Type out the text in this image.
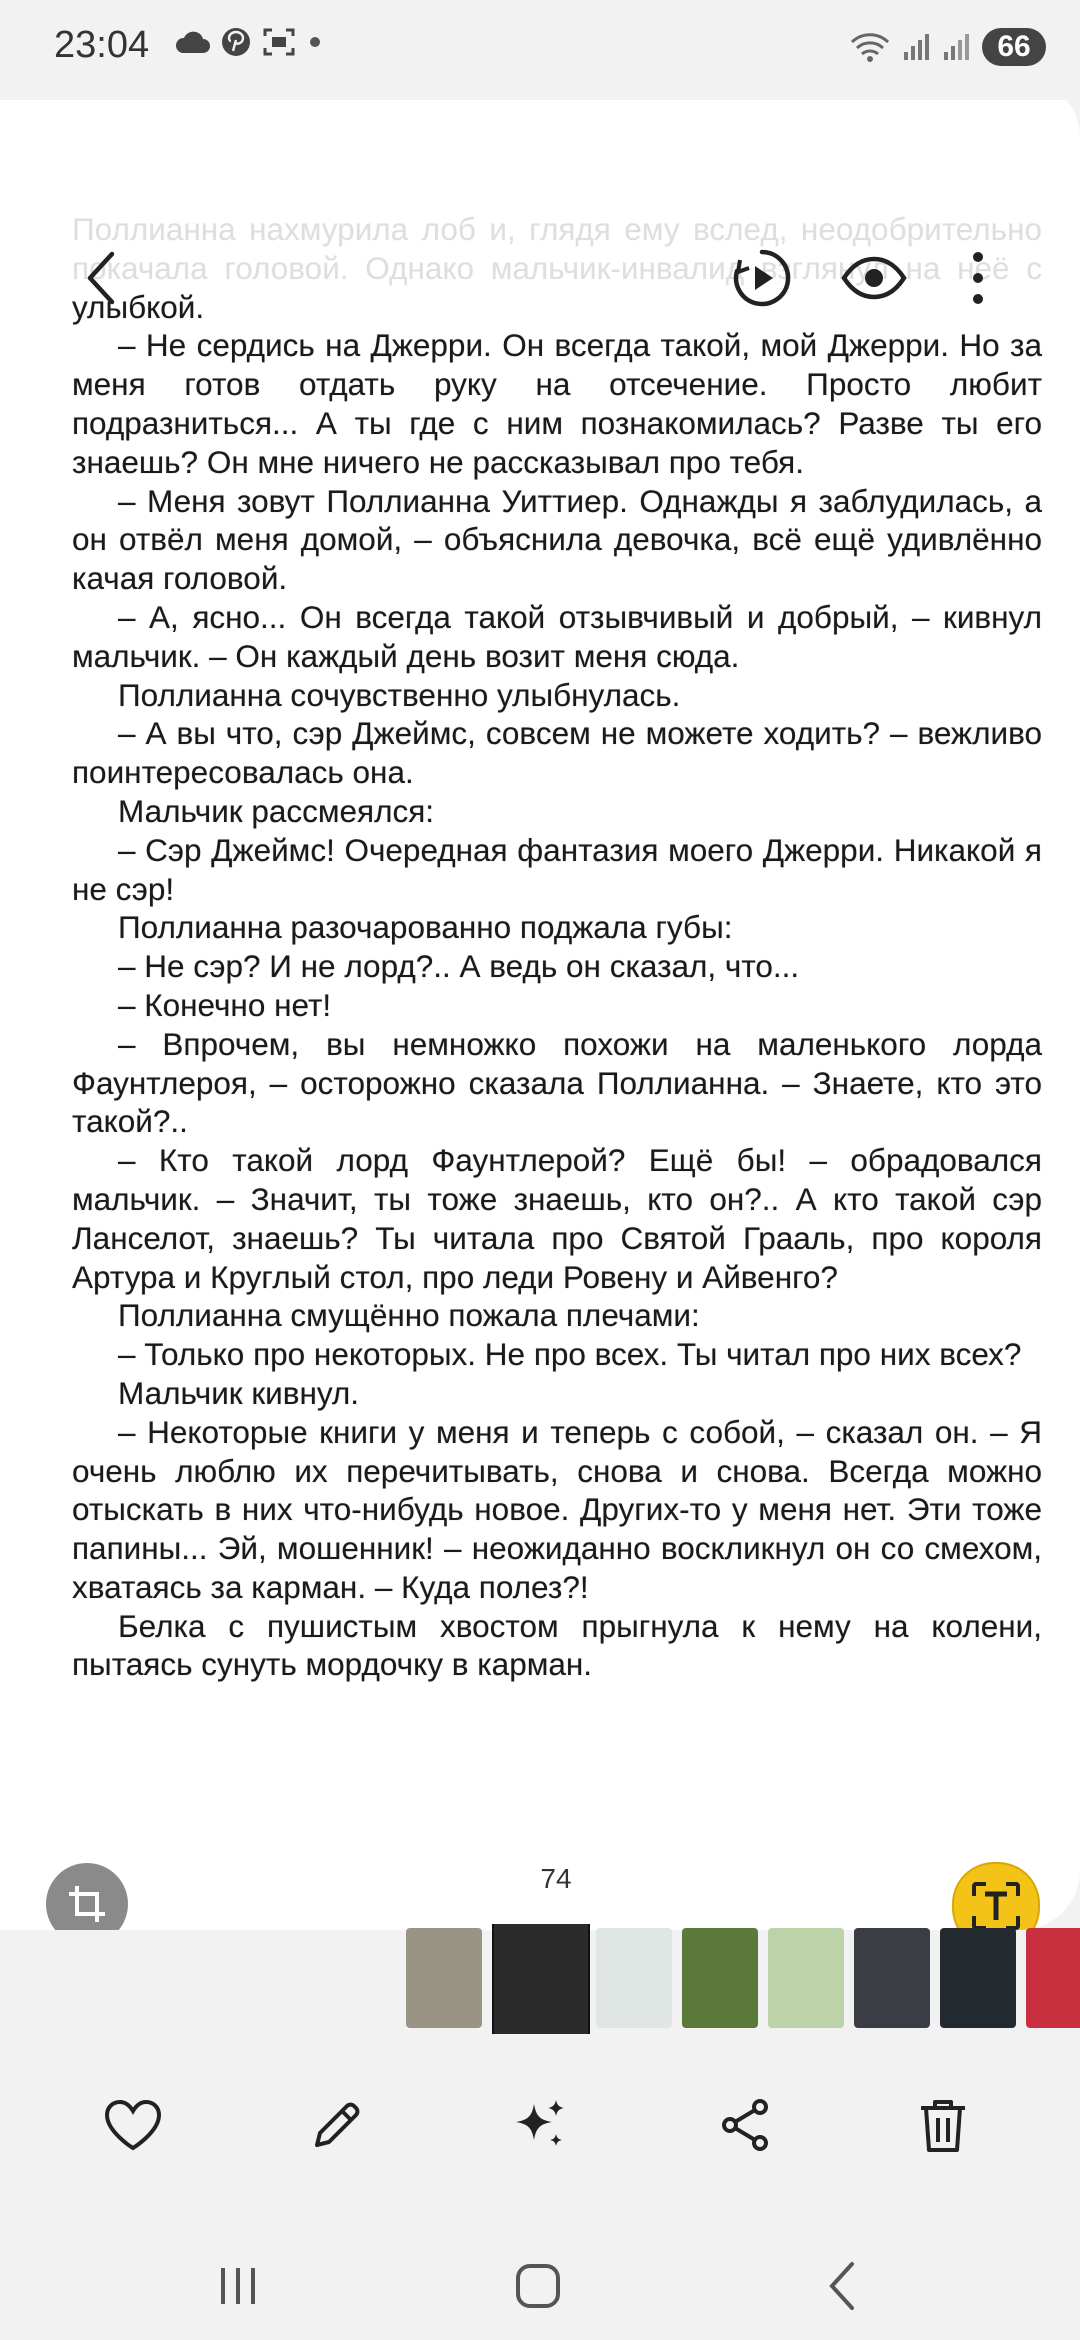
23:04	66

улыбкой.

– Не сердись на Джерри. Он всегда такой, мой Джерри. Но за меня готов отдать руку на отсечение. Просто любит подразниться... А ты где с ним познакомилась? Разве ты его знаешь? Он мне ничего не рассказывал про тебя.

– Меня зовут Поллианна Уиттиер. Однажды я заблудилась, а он отвёл меня домой, – объяснила девочка, всё ещё удивлённо качая головой.

– А, ясно... Он всегда такой отзывчивый и добрый, – кивнул мальчик. – Он каждый день возит меня сюда.

Поллианна сочувственно улыбнулась.

– А вы что, сэр Джеймс, совсем не можете ходить? – вежливо поинтересовалась она.

Мальчик рассмеялся:

– Сэр Джеймс! Очередная фантазия моего Джерри. Никакой я не сэр!

Поллианна разочарованно поджала губы:

– Не сэр? И не лорд?.. А ведь он сказал, что...

– Конечно нет!

– Впрочем, вы немножко похожи на маленького лорда Фаунтлероя, – осторожно сказала Поллианна. – Знаете, кто это такой?..

– Кто такой лорд Фаунтлерой? Ещё бы! – обрадовался мальчик. – Значит, ты тоже знаешь, кто он?.. А кто такой сэр Ланселот, знаешь? Ты читала про Святой Грааль, про короля Артура и Круглый стол, про леди Ровену и Айвенго?

Поллианна смущённо пожала плечами:

– Только про некоторых. Не про всех. Ты читал про них всех?

Мальчик кивнул.

– Некоторые книги у меня и теперь с собой, – сказал он. – Я очень люблю их перечитывать, снова и снова. Всегда можно отыскать в них что-нибудь новое. Других-то у меня нет. Эти тоже папины... Эй, мошенник! – неожиданно воскликнул он со смехом, хватаясь за карман. – Куда полез?!

Белка с пушистым хвостом прыгнула к нему на колени, пытаясь сунуть мордочку в карман.

74
